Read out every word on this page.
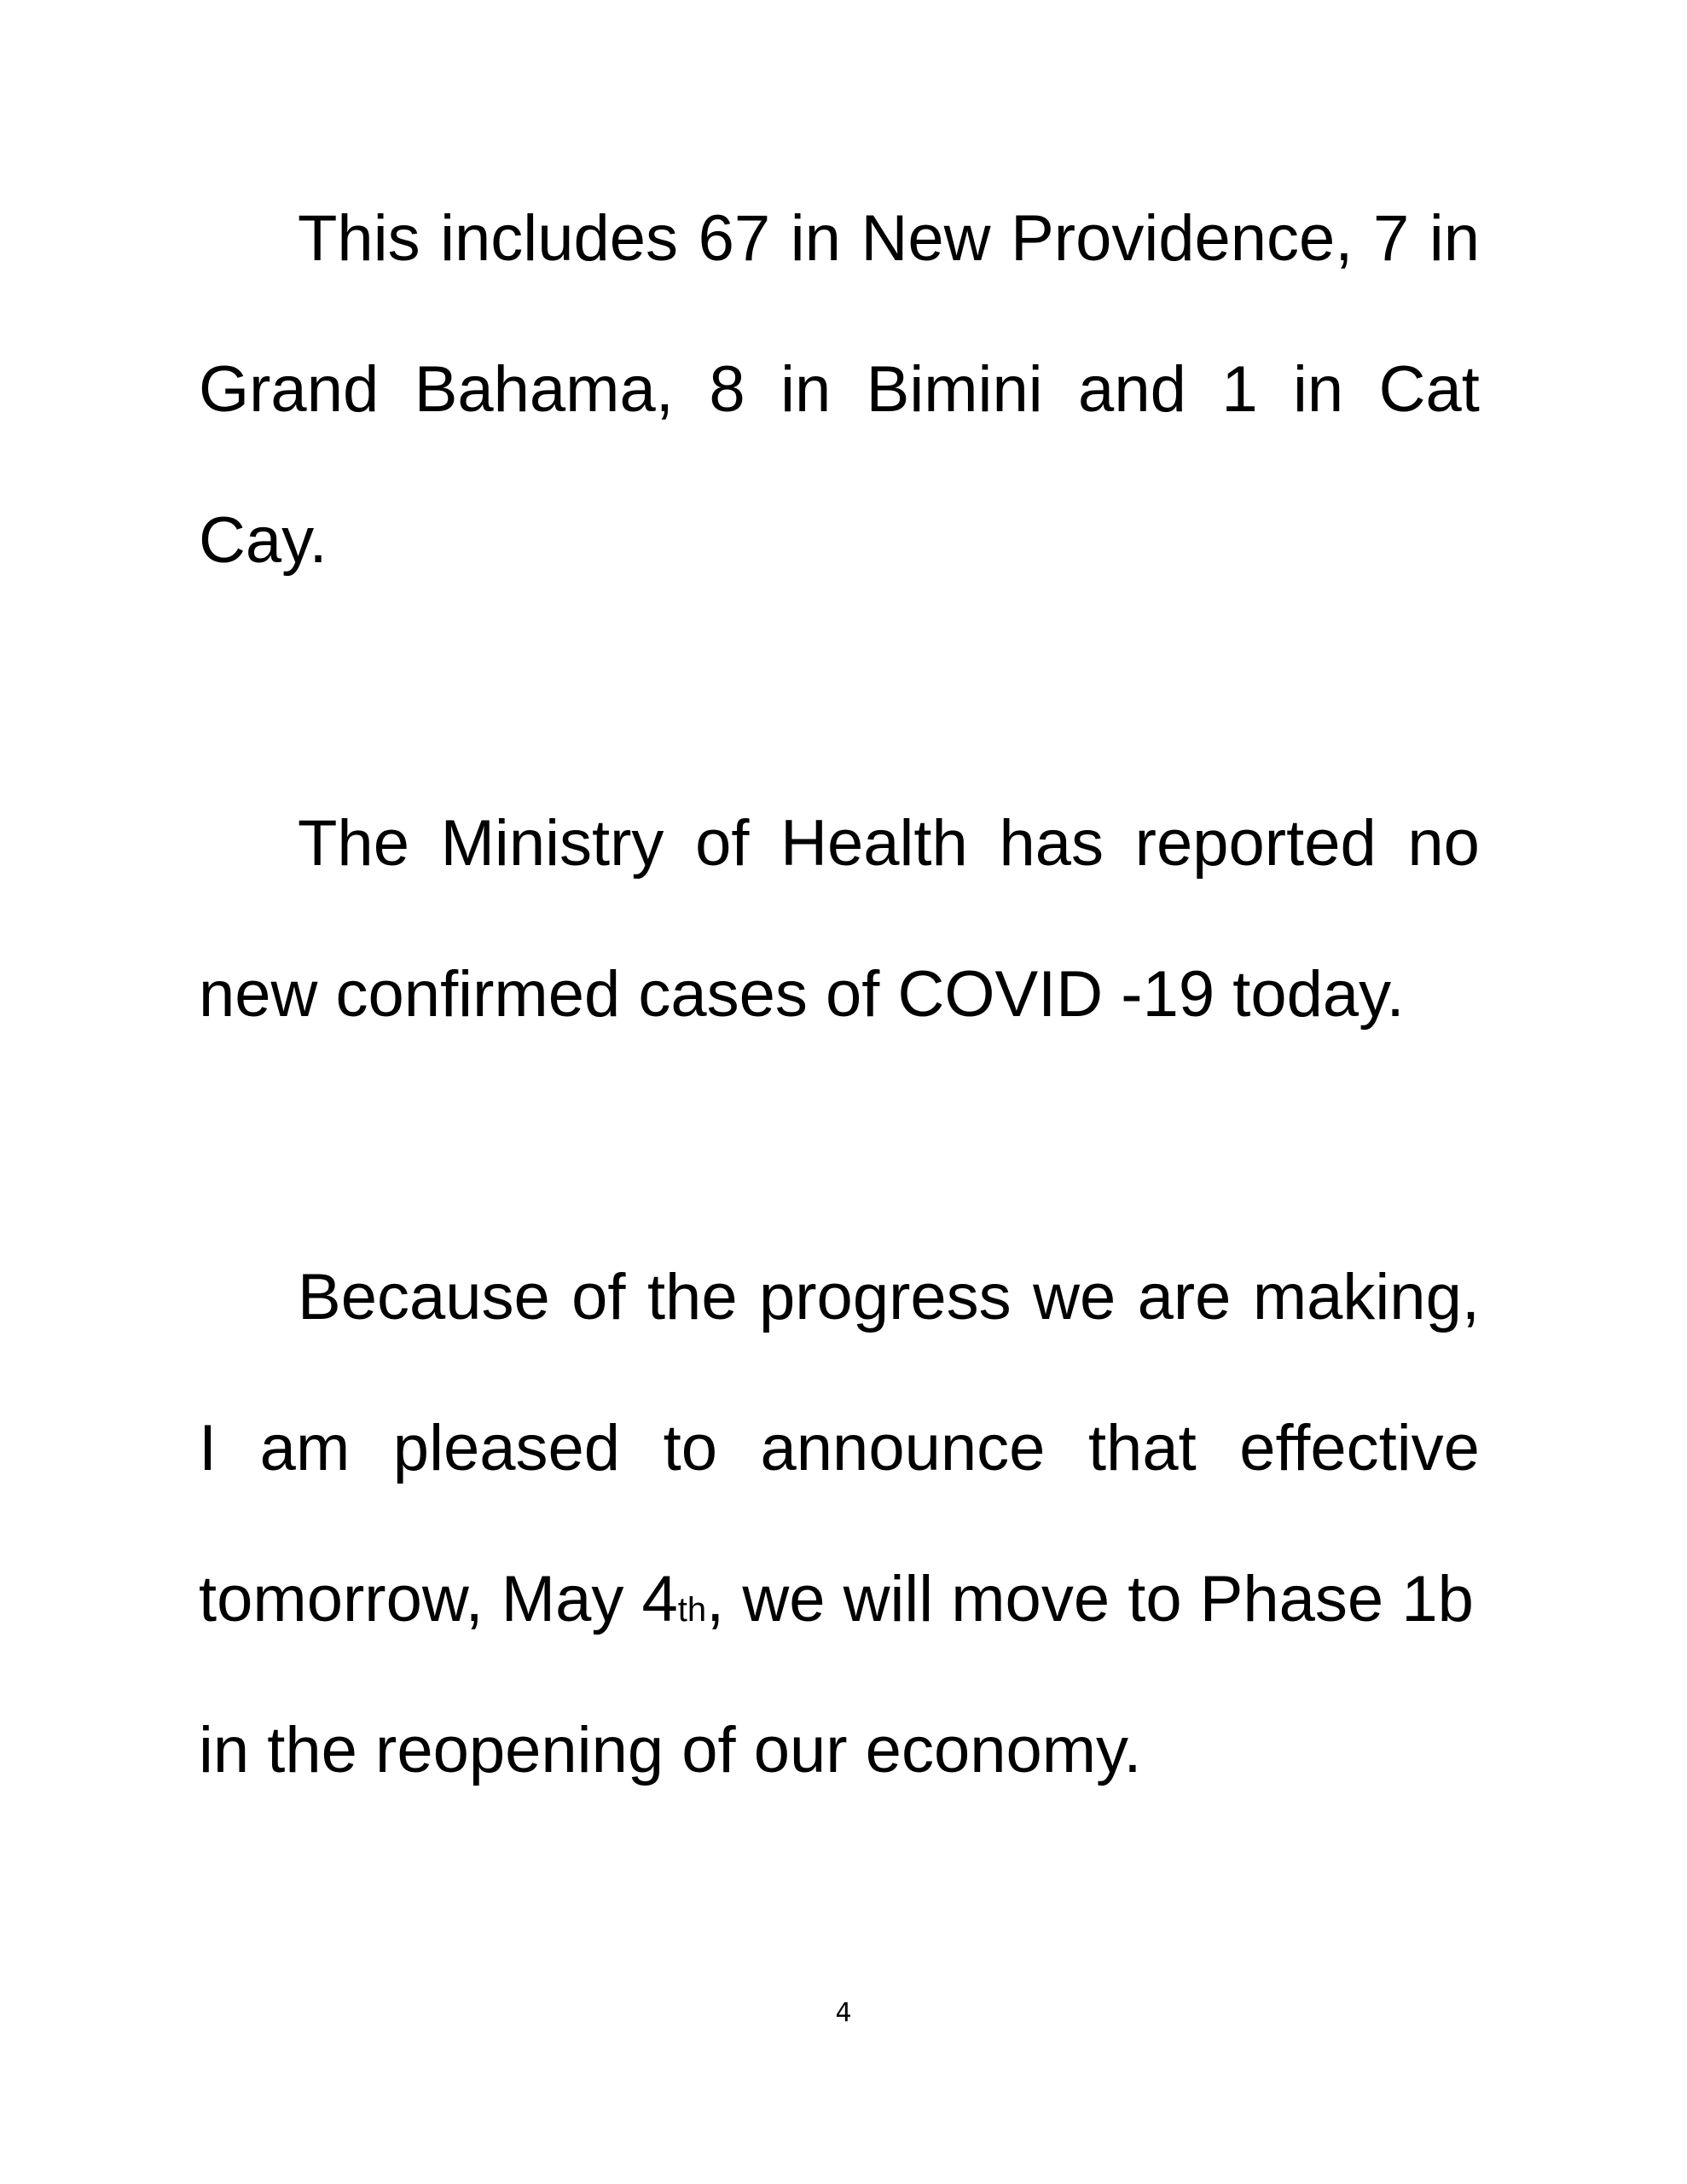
This includes 67 in New Providence, 7 in
Grand Bahama, 8 in Bimini and 1 in Cat
Cay.
The Ministry of Health has reported no
new confirmed cases of COVID -19 today.
Because of the progress we are making,
I am pleased to announce that effective
tomorrow, May 4th, we will move to Phase 1b
in the reopening of our economy.
4
